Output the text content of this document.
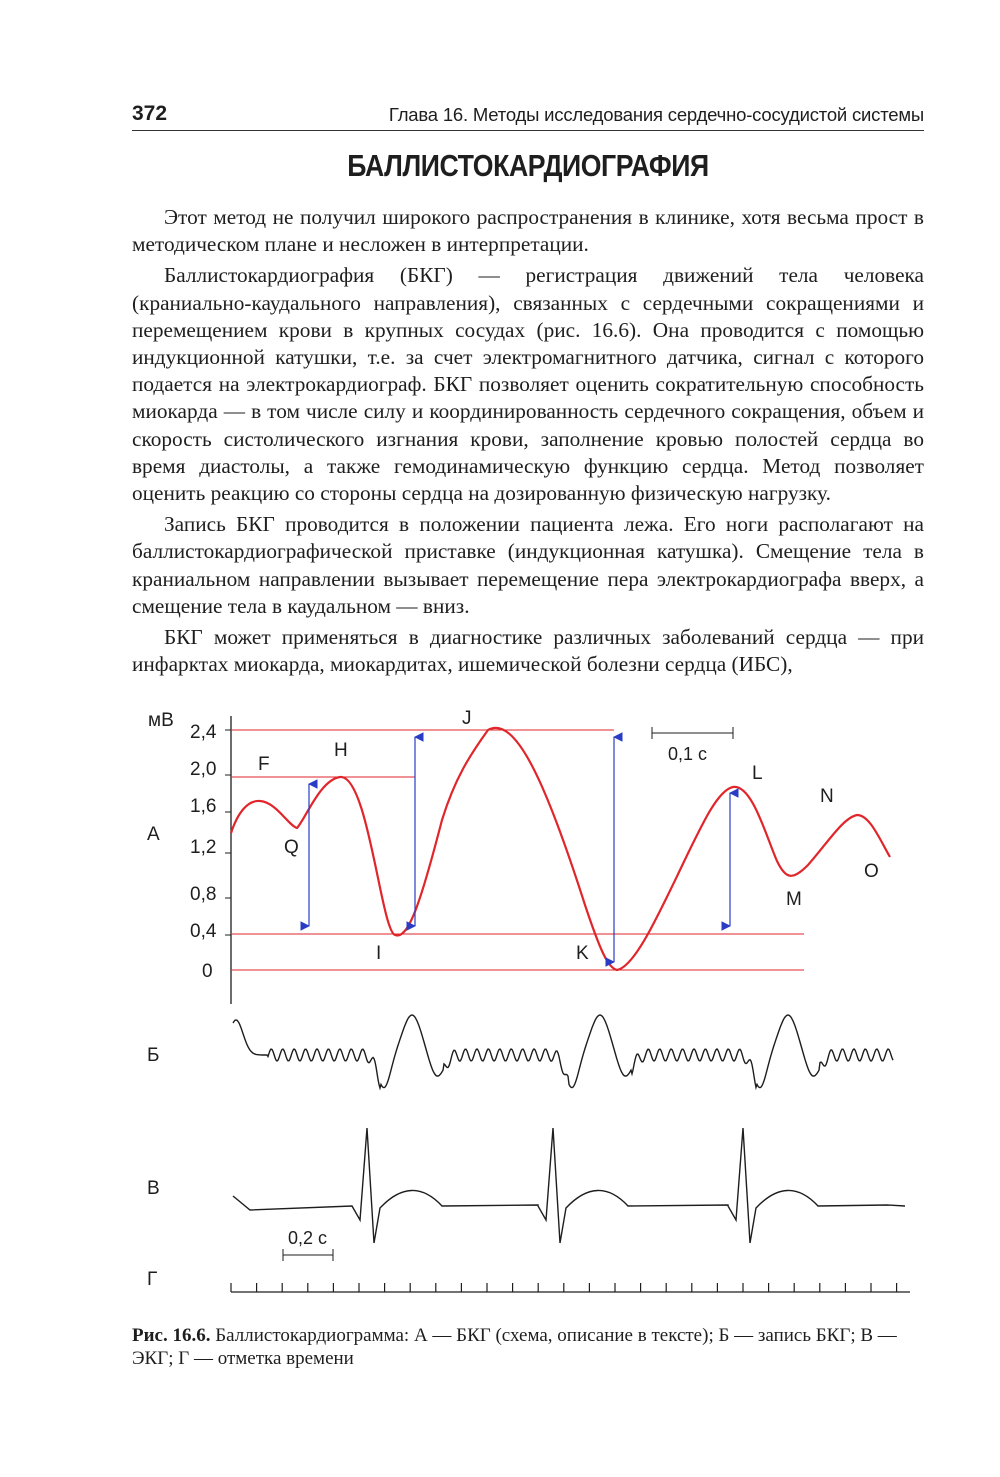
372	Глава 16. Методы исследования сердечно-сосудистой системы
БАЛЛИСТОКАРДИОГРАФИЯ

Этот метод не получил широкого распространения в клинике, хотя весьма прост в методическом плане и несложен в интерпретации.

Баллистокардиография (БКГ) — регистрация движений тела человека (краниально-каудального направления), связанных с сердечными сокращениями и перемещением крови в крупных сосудах (рис. 16.6). Она проводится с помощью индукционной катушки, т.е. за счет электромагнитного датчика, сигнал с которого подается на электрокардиограф. БКГ позволяет оценить сократительную способность миокарда — в том числе силу и координированность сердечного сокращения, объем и скорость систолического изгнания крови, заполнение кровью полостей сердца во время диастолы, а также гемодинамическую функцию сердца. Метод позволяет оценить реакцию со стороны сердца на дозированную физическую нагрузку.

Запись БКГ проводится в положении пациента лежа. Его ноги располагают на баллистокардиографической приставке (индукционная катушка). Смещение тела в краниальном направлении вызывает перемещение пера электрокардиографа вверх, а смещение тела в каудальном — вниз.

БКГ может применяться в диагностике различных заболеваний сердца — при инфарктах миокарда, миокардитах, ишемической болезни сердца (ИБС),

мВ
2,4
2,0
1,6
1,2
0,8
0,4
0
F
H
J
L
N
Q
I	K
M
O
0,1 с
А
Б
В
Г
0,2 с
Рис. 16.6. Баллистокардиограмма: А — БКГ (схема, описание в тексте); Б — запись БКГ; В — ЭКГ; Г — отметка времени
